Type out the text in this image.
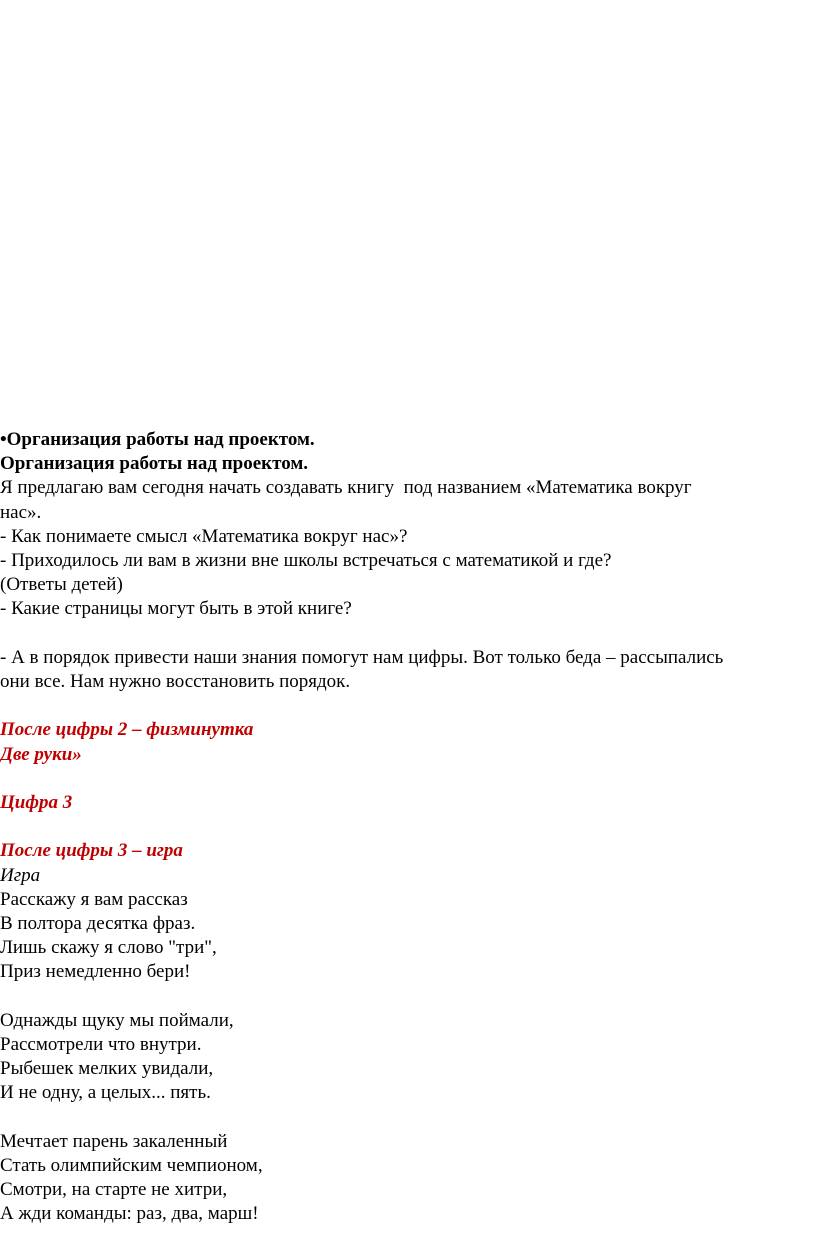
• Организация работы над проектом.
Организация работы над проектом.
Я предлагаю вам сегодня начать создавать книгу  под названием «Математика вокруг
нас».
- Как понимаете смысл «Математика вокруг нас»?
- Приходилось ли вам в жизни вне школы встречаться с математикой и где?
(Ответы детей)
- Какие страницы могут быть в этой книге?
- А в порядок привести наши знания помогут нам цифры. Вот только беда – рассыпались
они все. Нам нужно восстановить порядок.
После цифры 2 – физминутка
Две руки»
Цифра 3
После цифры 3 – игра
Игра
Расскажу я вам рассказ
В полтора десятка фраз.
Лишь скажу я слово "три",
Приз немедленно бери!
Однажды щуку мы поймали,
Рассмотрели что внутри.
Рыбешек мелких увидали,
И не одну, а целых... пять.
Мечтает парень закаленный
Стать олимпийским чемпионом,
Смотри, на старте не хитри,
А жди команды: раз, два, марш!
